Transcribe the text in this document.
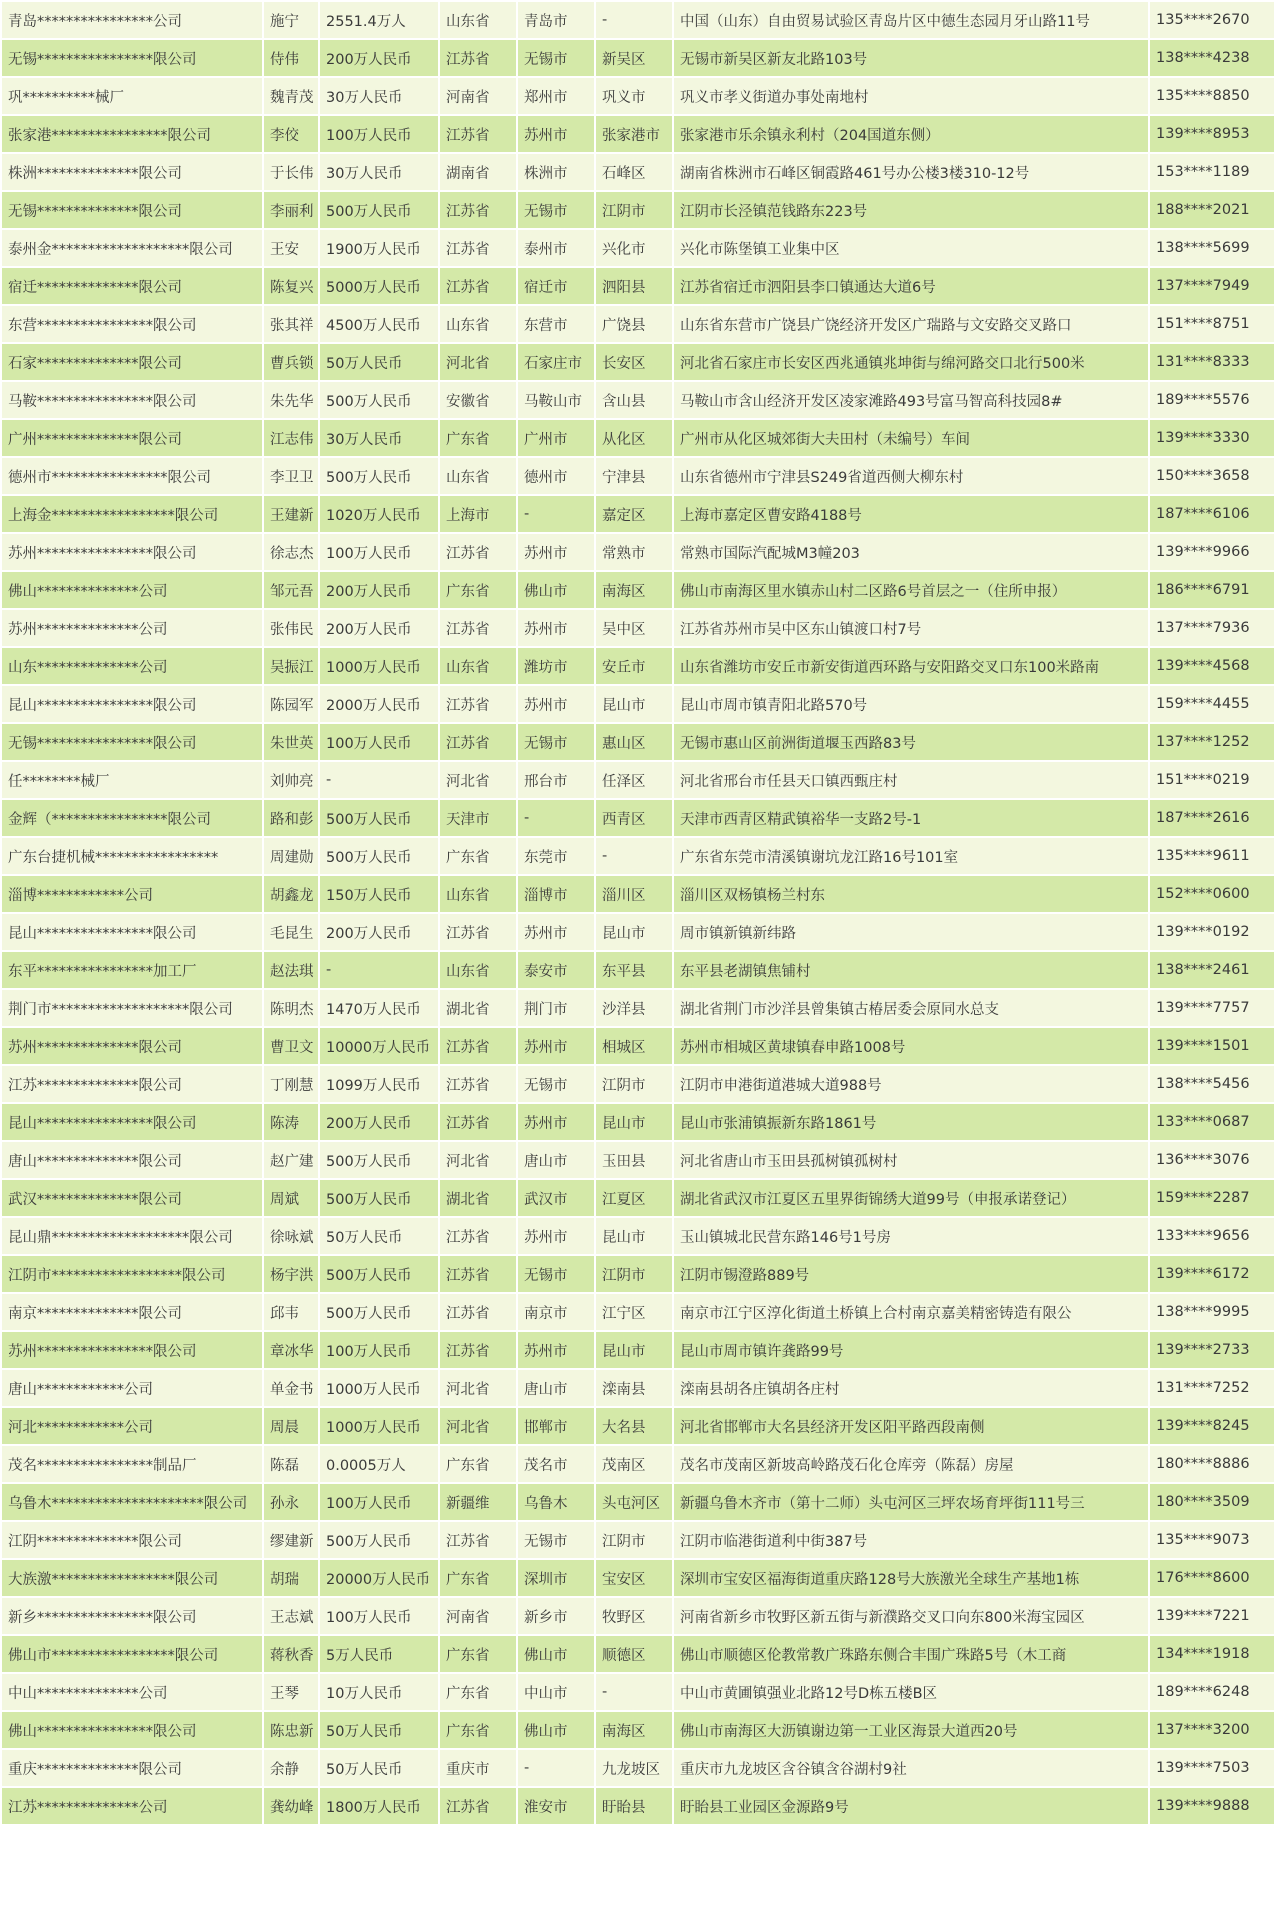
青岛****************公司	施宁	2551.4万人	山东省	青岛市	-	中国（山东）自由贸易试验区青岛片区中德生态园月牙山路11号	135****2670
无锡****************限公司	侍伟	200万人民币	江苏省	无锡市	新吴区	无锡市新吴区新友北路103号	138****4238
巩**********械厂	魏青茂	30万人民币	河南省	郑州市	巩义市	巩义市孝义街道办事处南地村	135****8850
张家港****************限公司	李佼	100万人民币	江苏省	苏州市	张家港市	张家港市乐余镇永利村（204国道东侧）	139****8953
株洲**************限公司	于长伟	30万人民币	湖南省	株洲市	石峰区	湖南省株洲市石峰区铜霞路461号办公楼3楼310-12号	153****1189
无锡**************限公司	李丽利	500万人民币	江苏省	无锡市	江阴市	江阴市长泾镇范钱路东223号	188****2021
泰州金*******************限公司	王安	1900万人民币	江苏省	泰州市	兴化市	兴化市陈堡镇工业集中区	138****5699
宿迁**************限公司	陈复兴	5000万人民币	江苏省	宿迁市	泗阳县	江苏省宿迁市泗阳县李口镇通达大道6号	137****7949
东营****************限公司	张其祥	4500万人民币	山东省	东营市	广饶县	山东省东营市广饶县广饶经济开发区广瑞路与文安路交叉路口	151****8751
石家**************限公司	曹兵锁	50万人民币	河北省	石家庄市	长安区	河北省石家庄市长安区西兆通镇兆坤街与绵河路交口北行500米	131****8333
马鞍****************限公司	朱先华	500万人民币	安徽省	马鞍山市	含山县	马鞍山市含山经济开发区凌家滩路493号富马智高科技园8#	189****5576
广州**************限公司	江志伟	30万人民币	广东省	广州市	从化区	广州市从化区城郊街大夫田村（未编号）车间	139****3330
德州市****************限公司	李卫卫	500万人民币	山东省	德州市	宁津县	山东省德州市宁津县S249省道西侧大柳东村	150****3658
上海金*****************限公司	王建新	1020万人民币	上海市	-	嘉定区	上海市嘉定区曹安路4188号	187****6106
苏州****************限公司	徐志杰	100万人民币	江苏省	苏州市	常熟市	常熟市国际汽配城M3幢203	139****9966
佛山**************公司	邹元吾	200万人民币	广东省	佛山市	南海区	佛山市南海区里水镇赤山村二区路6号首层之一（住所申报）	186****6791
苏州**************公司	张伟民	200万人民币	江苏省	苏州市	吴中区	江苏省苏州市吴中区东山镇渡口村7号	137****7936
山东**************公司	吴振江	1000万人民币	山东省	潍坊市	安丘市	山东省潍坊市安丘市新安街道西环路与安阳路交叉口东100米路南	139****4568
昆山****************限公司	陈园军	2000万人民币	江苏省	苏州市	昆山市	昆山市周市镇青阳北路570号	159****4455
无锡****************限公司	朱世英	100万人民币	江苏省	无锡市	惠山区	无锡市惠山区前洲街道堰玉西路83号	137****1252
任********械厂	刘帅亮	-	河北省	邢台市	任泽区	河北省邢台市任县天口镇西甄庄村	151****0219
金辉（****************限公司	路和彭	500万人民币	天津市	-	西青区	天津市西青区精武镇裕华一支路2号-1	187****2616
广东台捷机械*****************	周建勋	500万人民币	广东省	东莞市	-	广东省东莞市清溪镇谢坑龙江路16号101室	135****9611
淄博************公司	胡鑫龙	150万人民币	山东省	淄博市	淄川区	淄川区双杨镇杨兰村东	152****0600
昆山****************限公司	毛昆生	200万人民币	江苏省	苏州市	昆山市	周市镇新镇新纬路	139****0192
东平****************加工厂	赵法琪	-	山东省	泰安市	东平县	东平县老湖镇焦铺村	138****2461
荆门市*******************限公司	陈明杰	1470万人民币	湖北省	荆门市	沙洋县	湖北省荆门市沙洋县曾集镇古椿居委会原同水总支	139****7757
苏州**************限公司	曹卫文	10000万人民币	江苏省	苏州市	相城区	苏州市相城区黄埭镇春申路1008号	139****1501
江苏**************限公司	丁刚慧	1099万人民币	江苏省	无锡市	江阴市	江阴市申港街道港城大道988号	138****5456
昆山****************限公司	陈涛	200万人民币	江苏省	苏州市	昆山市	昆山市张浦镇振新东路1861号	133****0687
唐山**************限公司	赵广建	500万人民币	河北省	唐山市	玉田县	河北省唐山市玉田县孤树镇孤树村	136****3076
武汉**************限公司	周斌	500万人民币	湖北省	武汉市	江夏区	湖北省武汉市江夏区五里界街锦绣大道99号（申报承诺登记）	159****2287
昆山鼎*******************限公司	徐咏斌	50万人民币	江苏省	苏州市	昆山市	玉山镇城北民营东路146号1号房	133****9656
江阴市******************限公司	杨宇洪	500万人民币	江苏省	无锡市	江阴市	江阴市锡澄路889号	139****6172
南京**************限公司	邱韦	500万人民币	江苏省	南京市	江宁区	南京市江宁区淳化街道土桥镇上合村南京嘉美精密铸造有限公	138****9995
苏州****************限公司	章冰华	100万人民币	江苏省	苏州市	昆山市	昆山市周市镇许龚路99号	139****2733
唐山************公司	单金书	1000万人民币	河北省	唐山市	滦南县	滦南县胡各庄镇胡各庄村	131****7252
河北************公司	周晨	1000万人民币	河北省	邯郸市	大名县	河北省邯郸市大名县经济开发区阳平路西段南侧	139****8245
茂名****************制品厂	陈磊	0.0005万人	广东省	茂名市	茂南区	茂名市茂南区新坡高岭路茂石化仓库旁（陈磊）房屋	180****8886
乌鲁木*********************限公司	孙永	100万人民币	新疆维	乌鲁木	头屯河区	新疆乌鲁木齐市（第十二师）头屯河区三坪农场育坪街111号三	180****3509
江阴**************限公司	缪建新	500万人民币	江苏省	无锡市	江阴市	江阴市临港街道利中街387号	135****9073
大族激*****************限公司	胡瑞	20000万人民币	广东省	深圳市	宝安区	深圳市宝安区福海街道重庆路128号大族激光全球生产基地1栋	176****8600
新乡****************限公司	王志斌	100万人民币	河南省	新乡市	牧野区	河南省新乡市牧野区新五街与新濮路交叉口向东800米海宝园区	139****7221
佛山市*****************限公司	蒋秋香	5万人民币	广东省	佛山市	顺德区	佛山市顺德区伦教常教广珠路东侧合丰围广珠路5号（木工商	134****1918
中山**************公司	王琴	10万人民币	广东省	中山市	-	中山市黄圃镇强业北路12号D栋五楼B区	189****6248
佛山****************限公司	陈忠新	50万人民币	广东省	佛山市	南海区	佛山市南海区大沥镇谢边第一工业区海景大道西20号	137****3200
重庆**************限公司	余静	50万人民币	重庆市	-	九龙坡区	重庆市九龙坡区含谷镇含谷湖村9社	139****7503
江苏**************公司	龚幼峰	1800万人民币	江苏省	淮安市	盱眙县	盱眙县工业园区金源路9号	139****9888
